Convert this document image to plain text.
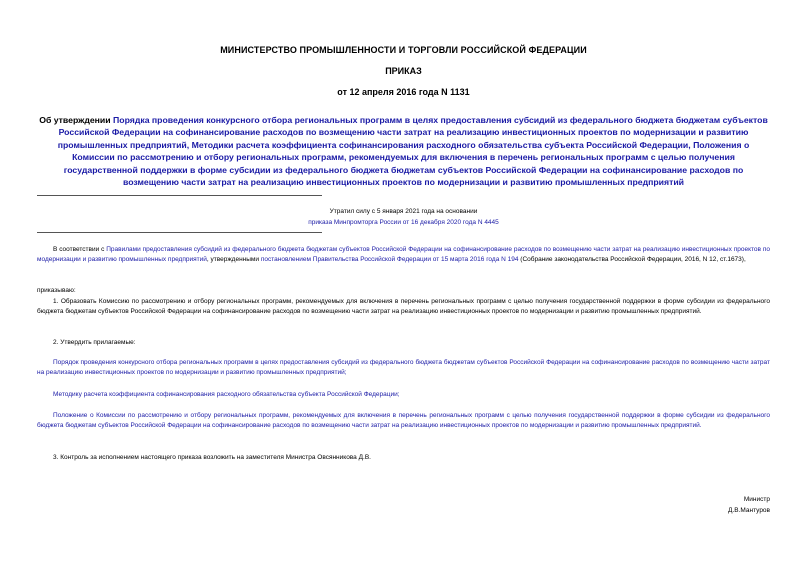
МИНИСТЕРСТВО ПРОМЫШЛЕННОСТИ И ТОРГОВЛИ РОССИЙСКОЙ ФЕДЕРАЦИИ
ПРИКАЗ
от 12 апреля 2016 года N 1131
Об утверждении Порядка проведения конкурсного отбора региональных программ в целях предоставления субсидий из федерального бюджета бюджетам субъектов Российской Федерации на софинансирование расходов по возмещению части затрат на реализацию инвестиционных проектов по модернизации и развитию промышленных предприятий, Методики расчета коэффициента софинансирования расходного обязательства субъекта Российской Федерации, Положения о Комиссии по рассмотрению и отбору региональных программ, рекомендуемых для включения в перечень региональных программ с целью получения государственной поддержки в форме субсидии из федерального бюджета бюджетам субъектов Российской Федерации на софинансирование расходов по возмещению части затрат на реализацию инвестиционных проектов по модернизации и развитию промышленных предприятий
Утратил силу с 5 января 2021 года на основании
приказа Минпромторга России от 16 декабря 2020 года N 4445
В соответствии с Правилами предоставления субсидий из федерального бюджета бюджетам субъектов Российской Федерации на софинансирование расходов по возмещению части затрат на реализацию инвестиционных проектов по модернизации и развитию промышленных предприятий, утвержденными постановлением Правительства Российской Федерации от 15 марта 2016 года N 194 (Собрание законодательства Российской Федерации, 2016, N 12, ст.1673),
приказываю:
1. Образовать Комиссию по рассмотрению и отбору региональных программ, рекомендуемых для включения в перечень региональных программ с целью получения государственной поддержки в форме субсидии из федерального бюджета бюджетам субъектов Российской Федерации на софинансирование расходов по возмещению части затрат на реализацию инвестиционных проектов по модернизации и развитию промышленных предприятий.
2. Утвердить прилагаемые:
Порядок проведения конкурсного отбора региональных программ в целях предоставления субсидий из федерального бюджета бюджетам субъектов Российской Федерации на софинансирование расходов по возмещению части затрат на реализацию инвестиционных проектов по модернизации и развитию промышленных предприятий;
Методику расчета коэффициента софинансирования расходного обязательства субъекта Российской Федерации;
Положение о Комиссии по рассмотрению и отбору региональных программ, рекомендуемых для включения в перечень региональных программ с целью получения государственной поддержки в форме субсидии из федерального бюджета бюджетам субъектов Российской Федерации на софинансирование расходов по возмещению части затрат на реализацию инвестиционных проектов по модернизации и развитию промышленных предприятий.
3. Контроль за исполнением настоящего приказа возложить на заместителя Министра Овсянникова Д.В.
Министр
Д.В.Мантуров
